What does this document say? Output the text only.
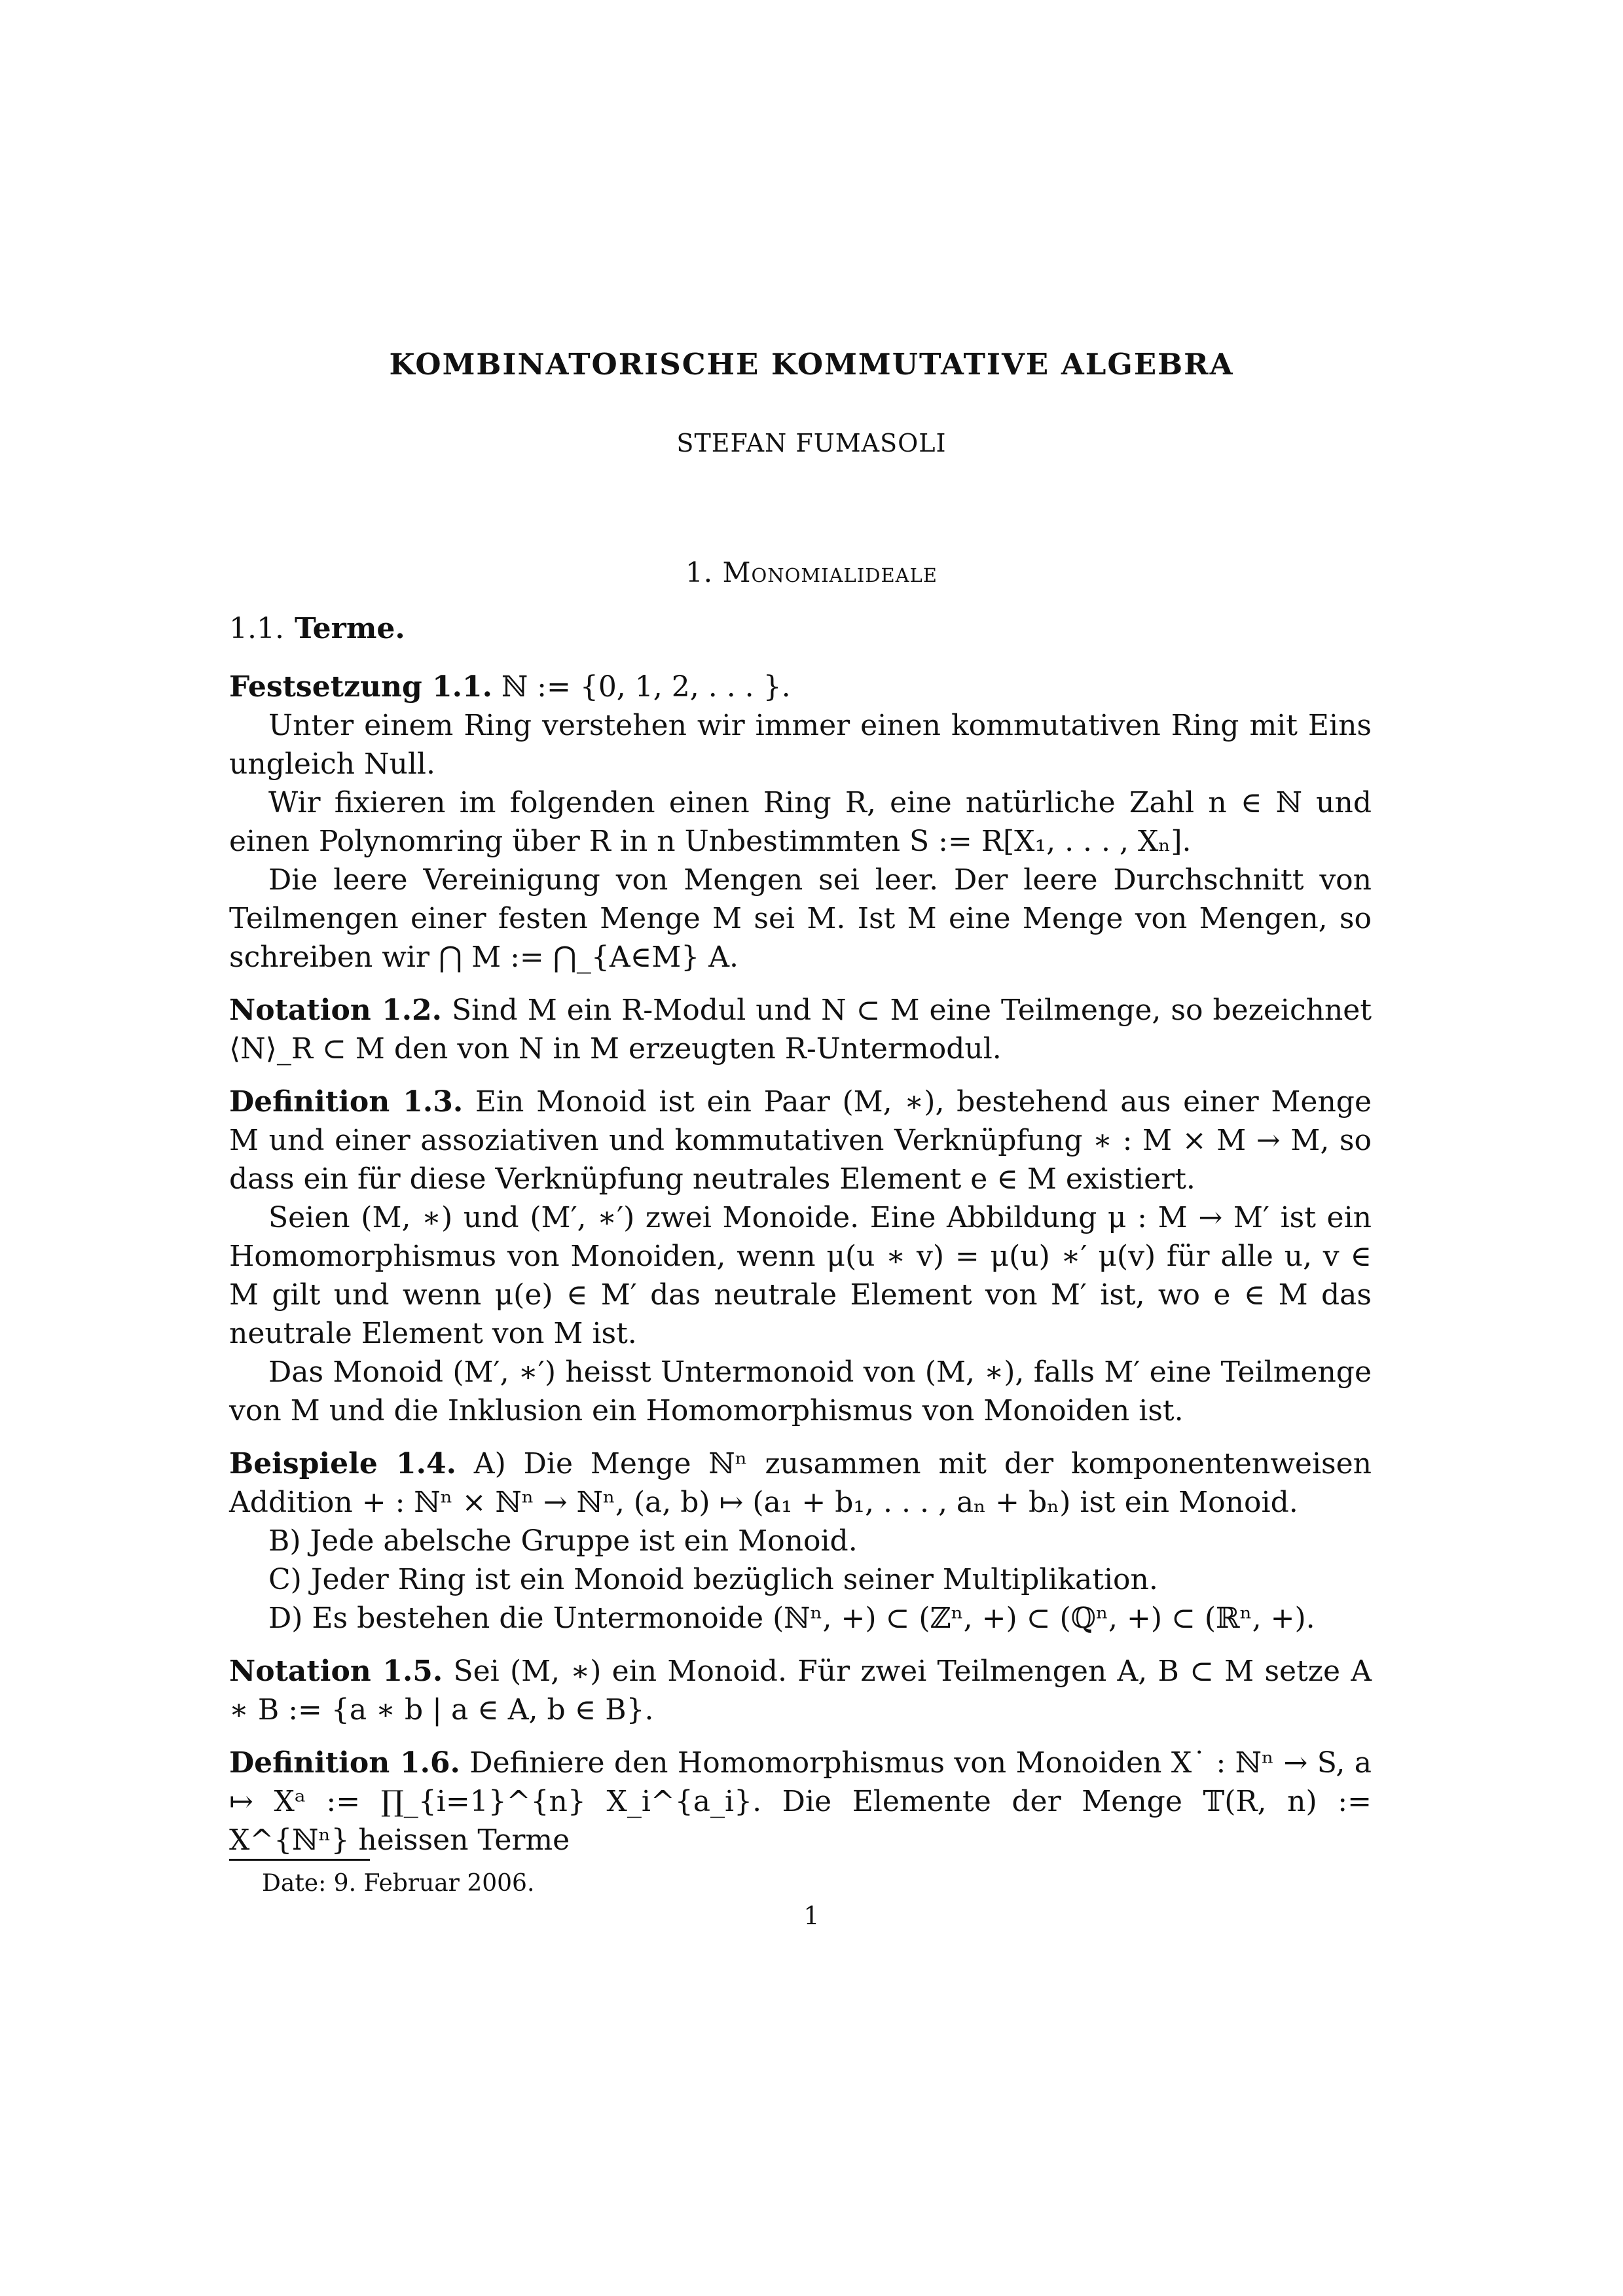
KOMBINATORISCHE KOMMUTATIVE ALGEBRA
STEFAN FUMASOLI
1. Monomialideale
1.1. Terme.

Festsetzung 1.1. ℕ := {0, 1, 2, . . . }.

Unter einem Ring verstehen wir immer einen kommutativen Ring mit Eins ungleich Null.

Wir fixieren im folgenden einen Ring R, eine natürliche Zahl n ∈ ℕ und einen Polynomring über R in n Unbestimmten S := R[X₁, . . . , Xₙ].

Die leere Vereinigung von Mengen sei leer. Der leere Durchschnitt von Teilmengen einer festen Menge M sei M. Ist M eine Menge von Mengen, so schreiben wir ⋂ M := ⋂_{A∈M} A.

Notation 1.2. Sind M ein R-Modul und N ⊂ M eine Teilmenge, so bezeichnet ⟨N⟩_R ⊂ M den von N in M erzeugten R-Untermodul.

Definition 1.3. Ein Monoid ist ein Paar (M, ∗), bestehend aus einer Menge M und einer assoziativen und kommutativen Verknüpfung ∗ : M × M → M, so dass ein für diese Verknüpfung neutrales Element e ∈ M existiert.

Seien (M, ∗) und (M′, ∗′) zwei Monoide. Eine Abbildung μ : M → M′ ist ein Homomorphismus von Monoiden, wenn μ(u ∗ v) = μ(u) ∗′ μ(v) für alle u, v ∈ M gilt und wenn μ(e) ∈ M′ das neutrale Element von M′ ist, wo e ∈ M das neutrale Element von M ist.

Das Monoid (M′, ∗′) heisst Untermonoid von (M, ∗), falls M′ eine Teilmenge von M und die Inklusion ein Homomorphismus von Monoiden ist.

Beispiele 1.4. A) Die Menge ℕⁿ zusammen mit der komponentenweisen Addition + : ℕⁿ × ℕⁿ → ℕⁿ, (a, b) ↦ (a₁ + b₁, . . . , aₙ + bₙ) ist ein Monoid.

B) Jede abelsche Gruppe ist ein Monoid.

C) Jeder Ring ist ein Monoid bezüglich seiner Multiplikation.

D) Es bestehen die Untermonoide (ℕⁿ, +) ⊂ (ℤⁿ, +) ⊂ (ℚⁿ, +) ⊂ (ℝⁿ, +).

Notation 1.5. Sei (M, ∗) ein Monoid. Für zwei Teilmengen A, B ⊂ M setze A ∗ B := {a ∗ b | a ∈ A, b ∈ B}.

Definition 1.6. Definiere den Homomorphismus von Monoiden X˙ : ℕⁿ → S, a ↦ Xᵃ := ∏_{i=1}^{n} X_i^{a_i}. Die Elemente der Menge 𝕋(R, n) := X^{ℕⁿ} heissen Terme

Date: 9. Februar 2006.
1
